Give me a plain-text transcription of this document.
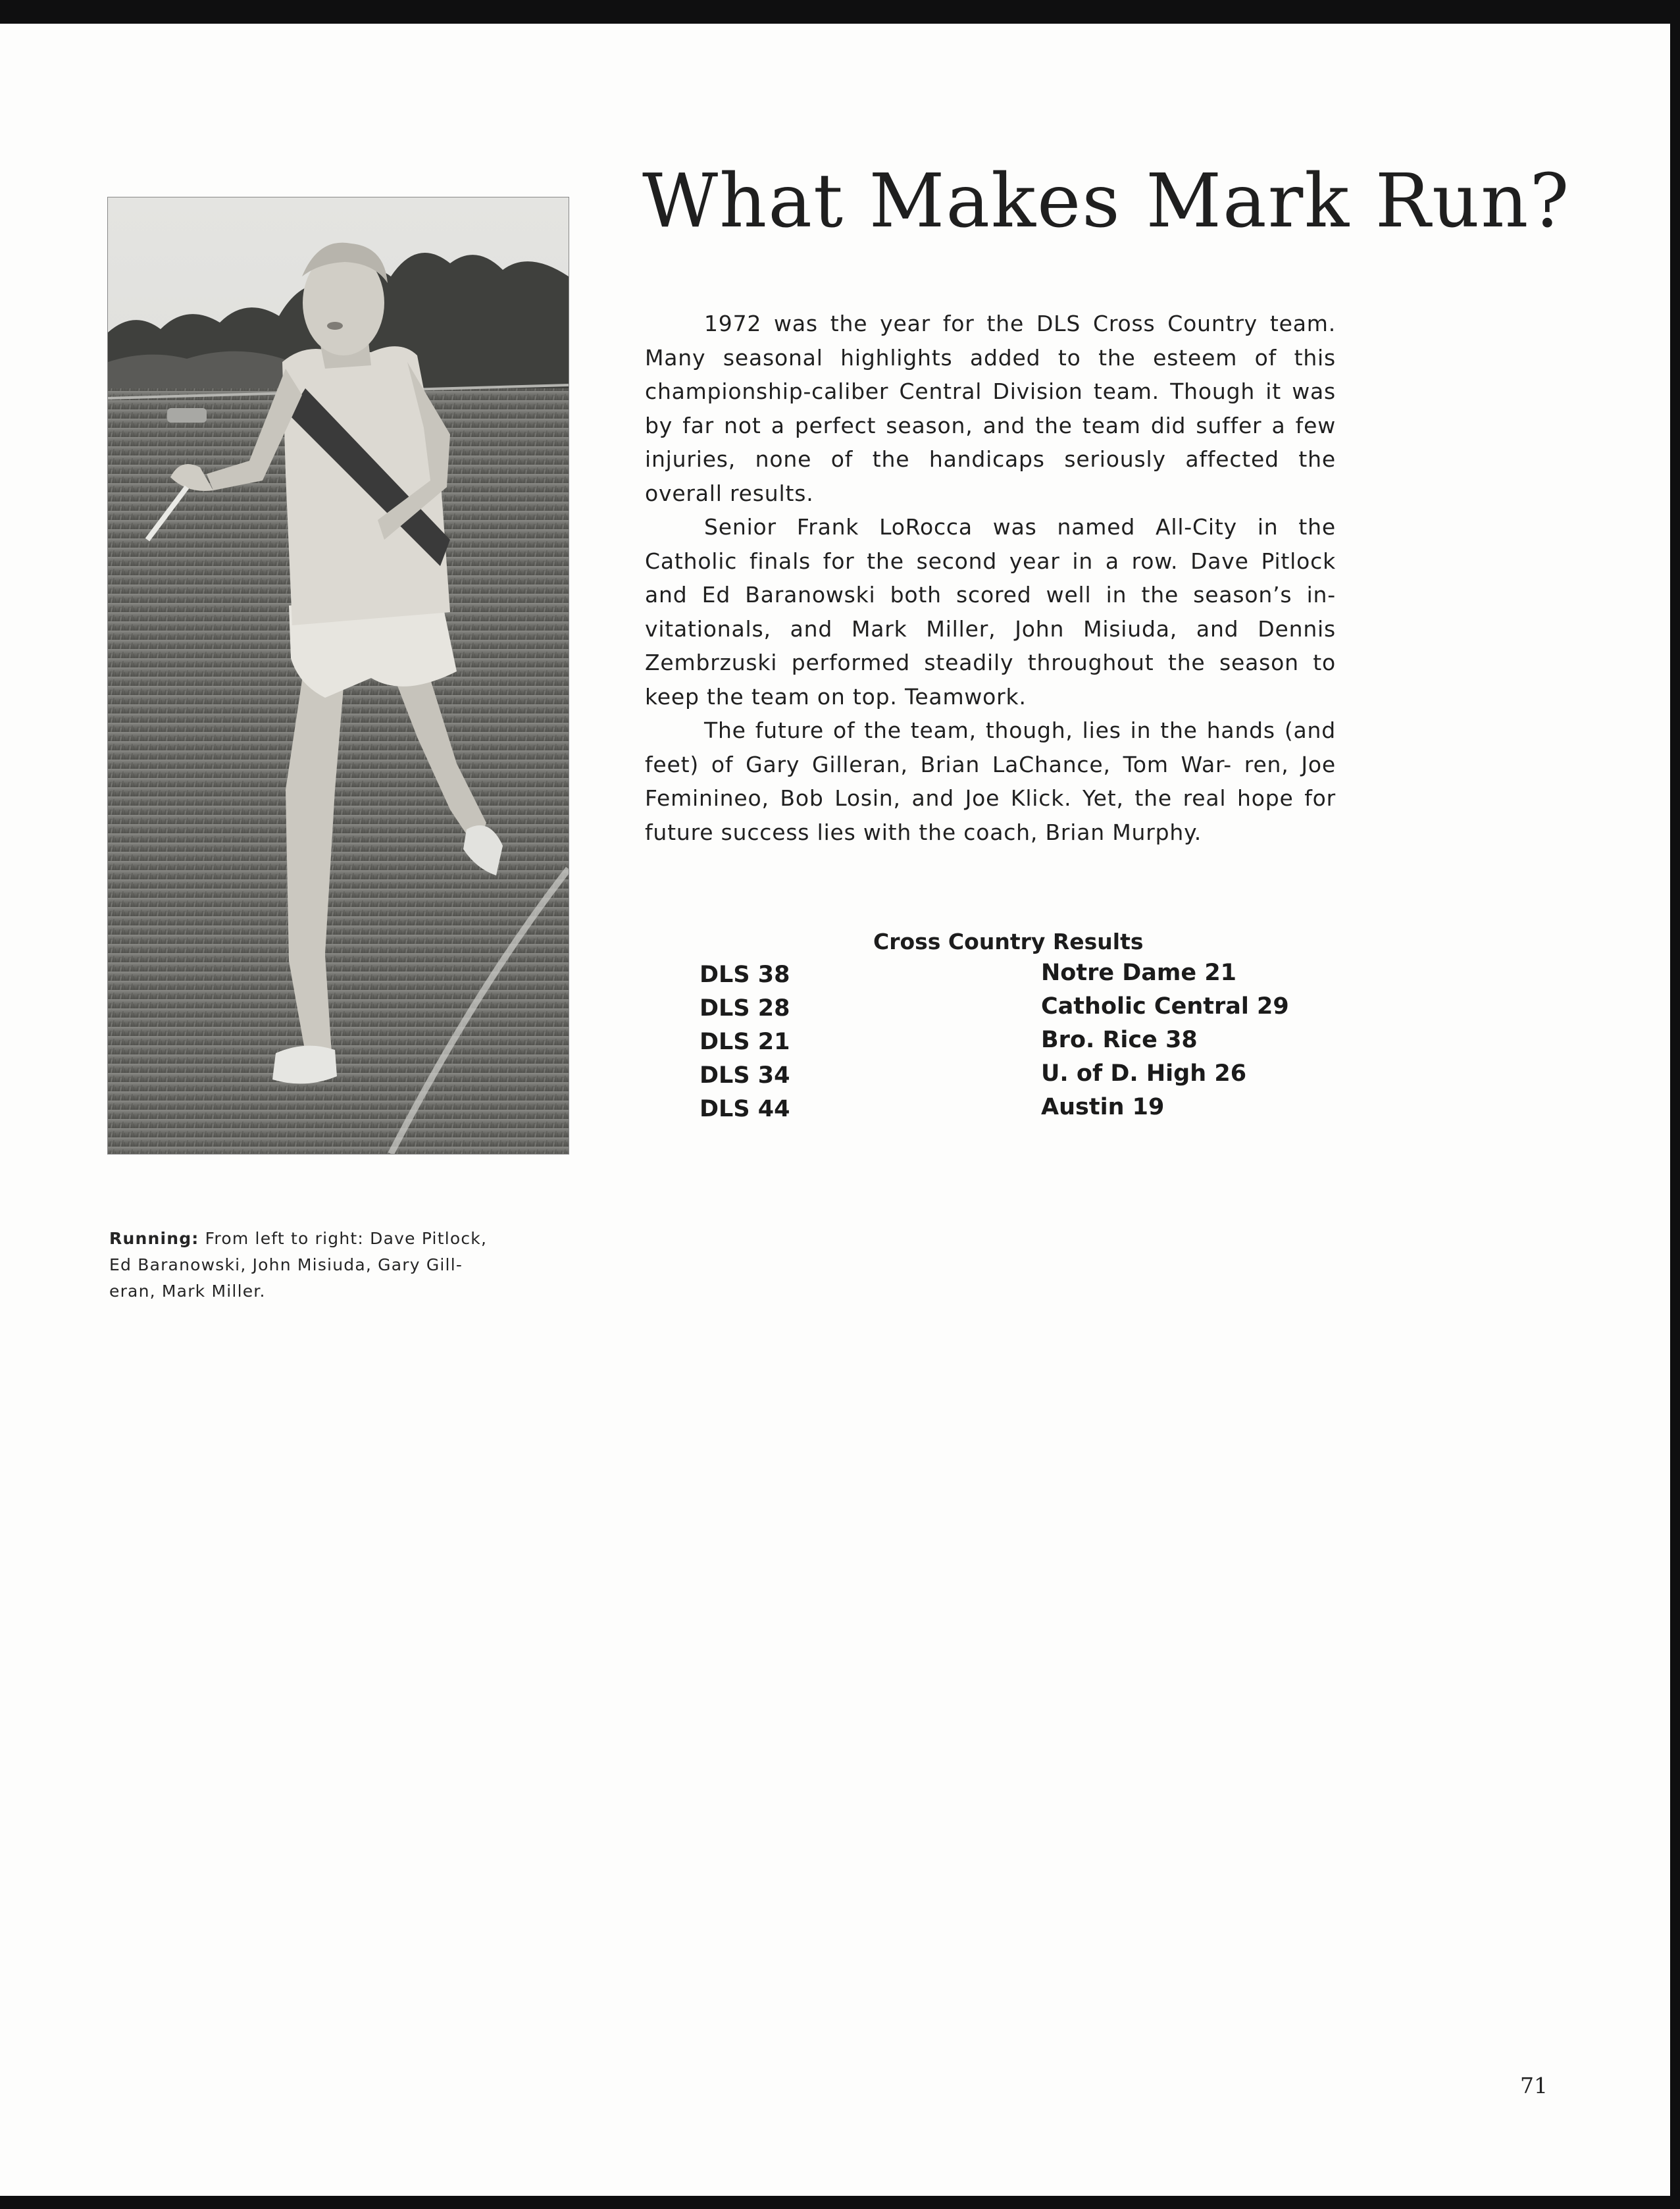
Running: From left to right: Dave Pitlock, Ed Baranowski, John Misiuda, Gary Gill- eran, Mark Miller.
What Makes Mark Run?

1972 was the year for the DLS Cross Country team. Many seasonal highlights added to the esteem of this championship-caliber Central Division team. Though it was by far not a perfect season, and the team did suffer a few injuries, none of the handicaps seriously affected the overall results.

Senior Frank LoRocca was named All-City in the Catholic finals for the second year in a row. Dave Pitlock and Ed Baranowski both scored well in the season’s in- vitationals, and Mark Miller, John Misiuda, and Dennis Zembrzuski performed steadily throughout the season to keep the team on top. Teamwork.

The future of the team, though, lies in the hands (and feet) of Gary Gilleran, Brian LaChance, Tom War- ren, Joe Feminineo, Bob Losin, and Joe Klick. Yet, the real hope for future success lies with the coach, Brian Murphy.

Cross Country Results
DLS 38
DLS 28
DLS 21
DLS 34
DLS 44
Notre Dame 21
Catholic Central 29
Bro. Rice 38
U. of D. High 26
Austin 19
71
